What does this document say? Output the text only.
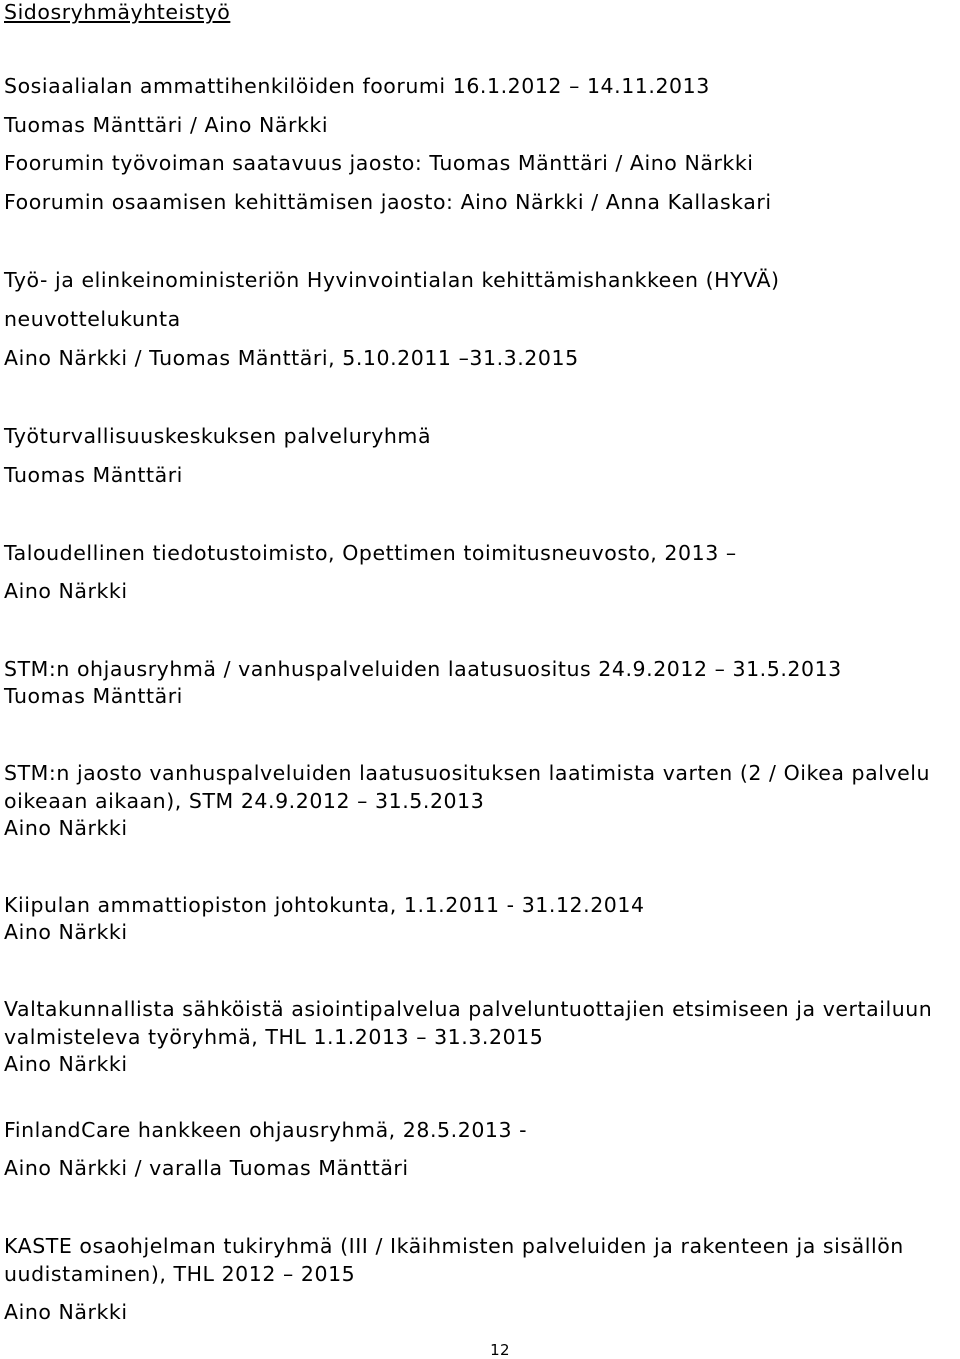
Sidosryhmäyhteistyö
Sosiaalialan ammattihenkilöiden foorumi 16.1.2012 – 14.11.2013
Tuomas Mänttäri / Aino Närkki
Foorumin työvoiman saatavuus jaosto: Tuomas Mänttäri / Aino Närkki
Foorumin osaamisen kehittämisen jaosto: Aino Närkki / Anna Kallaskari
Työ- ja elinkeinoministeriön Hyvinvointialan kehittämishankkeen (HYVÄ)
neuvottelukunta
Aino Närkki / Tuomas Mänttäri, 5.10.2011 –31.3.2015
Työturvallisuuskeskuksen palveluryhmä
Tuomas Mänttäri
Taloudellinen tiedotustoimisto, Opettimen toimitusneuvosto, 2013 –
Aino Närkki
STM:n ohjausryhmä / vanhuspalveluiden laatusuositus 24.9.2012 – 31.5.2013
Tuomas Mänttäri
STM:n jaosto vanhuspalveluiden laatusuosituksen laatimista varten (2 / Oikea palvelu
oikeaan aikaan), STM 24.9.2012 – 31.5.2013
Aino Närkki
Kiipulan ammattiopiston johtokunta, 1.1.2011 - 31.12.2014
Aino Närkki
Valtakunnallista sähköistä asiointipalvelua palveluntuottajien etsimiseen ja vertailuun
valmisteleva työryhmä, THL 1.1.2013 – 31.3.2015
Aino Närkki
FinlandCare hankkeen ohjausryhmä, 28.5.2013 -
Aino Närkki / varalla Tuomas Mänttäri
KASTE osaohjelman tukiryhmä (III / Ikäihmisten palveluiden ja rakenteen ja sisällön
uudistaminen), THL 2012 – 2015
Aino Närkki
12
